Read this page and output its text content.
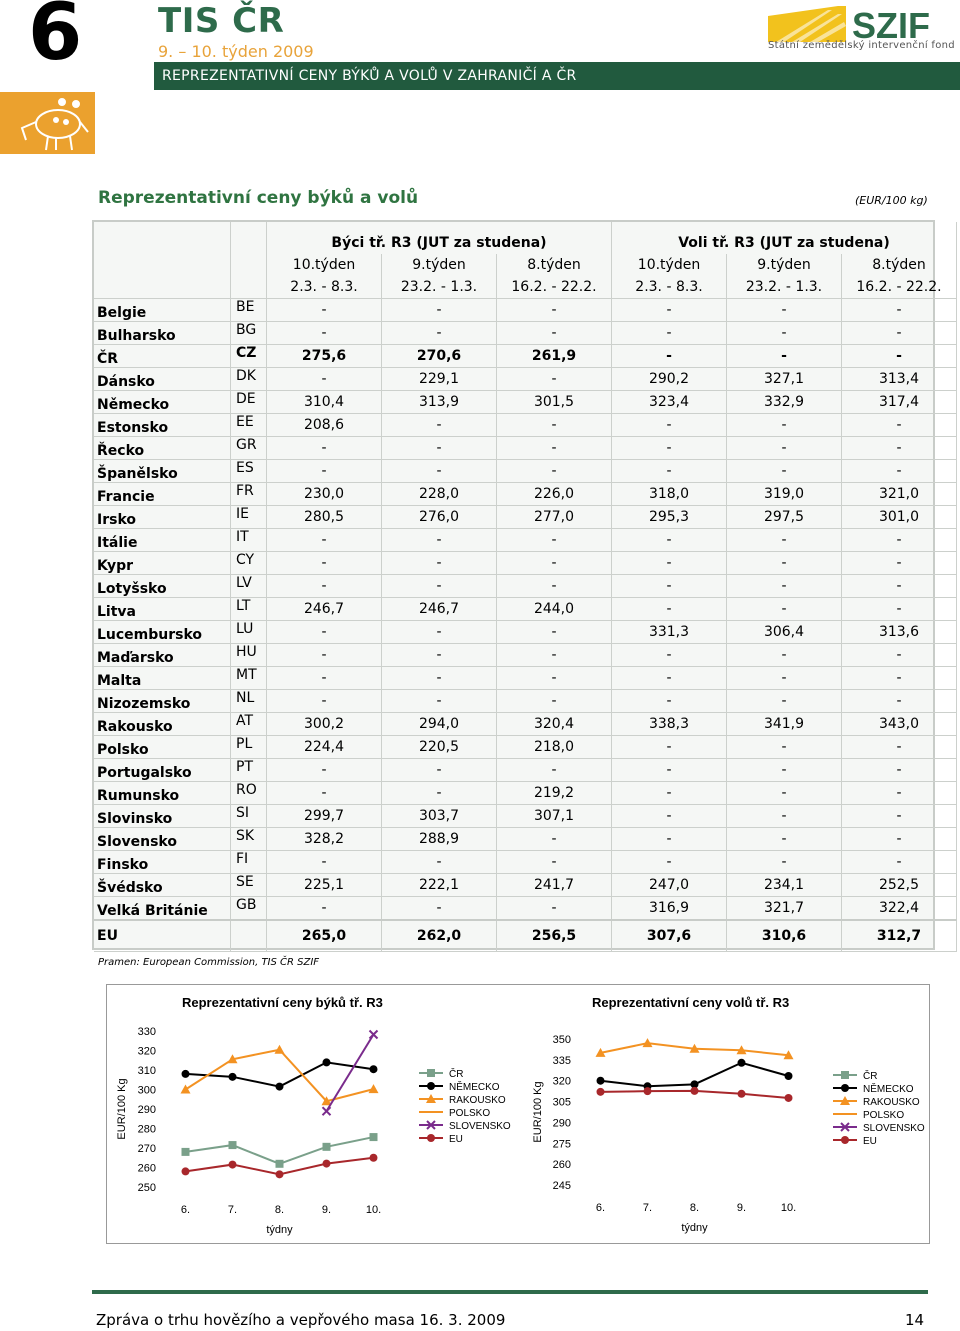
6 TIS ČR
9. – 10. týden 2009
SZIF
Státní zemědělský intervenční fond
REPREZENTATIVNÍ CENY BÝKŮ A VOLŮ V ZAHRANIČÍ A ČR
Reprezentativní ceny býků a volů	(EUR/100 kg)
		Býci tř. R3 (JUT za studena)			Voli tř. R3 (JUT za studena)		
		10.týden	9.týden	8.týden	10.týden	9.týden	8.týden
		2.3. - 8.3.	23.2. - 1.3.	16.2. - 22.2.	2.3. - 8.3.	23.2. - 1.3.	16.2. - 22.2.
Belgie	BE	-	-	-	-	-	-
Bulharsko	BG	-	-	-	-	-	-
ČR	CZ	275,6	270,6	261,9	-	-	-
Dánsko	DK	-	229,1	-	290,2	327,1	313,4
Německo	DE	310,4	313,9	301,5	323,4	332,9	317,4
Estonsko	EE	208,6	-	-	-	-	-
Řecko	GR	-	-	-	-	-	-
Španělsko	ES	-	-	-	-	-	-
Francie	FR	230,0	228,0	226,0	318,0	319,0	321,0
Irsko	IE	280,5	276,0	277,0	295,3	297,5	301,0
Itálie	IT	-	-	-	-	-	-
Kypr	CY	-	-	-	-	-	-
Lotyšsko	LV	-	-	-	-	-	-
Litva	LT	246,7	246,7	244,0	-	-	-
Lucembursko	LU	-	-	-	331,3	306,4	313,6
Maďarsko	HU	-	-	-	-	-	-
Malta	MT	-	-	-	-	-	-
Nizozemsko	NL	-	-	-	-	-	-
Rakousko	AT	300,2	294,0	320,4	338,3	341,9	343,0
Polsko	PL	224,4	220,5	218,0	-	-	-
Portugalsko	PT	-	-	-	-	-	-
Rumunsko	RO	-	-	219,2	-	-	-
Slovinsko	SI	299,7	303,7	307,1	-	-	-
Slovensko	SK	328,2	288,9	-	-	-	-
Finsko	FI	-	-	-	-	-	-
Švédsko	SE	225,1	222,1	241,7	247,0	234,1	252,5
Velká Británie	GB	-	-	-	316,9	321,7	322,4
EU		265,0	262,0	256,5	307,6	310,6	312,7
Pramen: European Commission, TIS ČR SZIF
Reprezentativní ceny býků tř. R3
250
260
270
280
290
300
310
320
330
EUR/100 Kg
6.	7.	8.	9.	10.
týdny
ČR
NĚMECKO
RAKOUSKO
POLSKO
SLOVENSKO
EU
Reprezentativní ceny volů tř. R3
245
260
275
290
305
320
335
350
EUR/100 Kg
6.	7.	8.	9.	10.
týdny
ČR
NĚMECKO
RAKOUSKO
POLSKO
SLOVENSKO
EU
Zpráva o trhu hovězího a vepřového masa 16. 3. 2009	14
